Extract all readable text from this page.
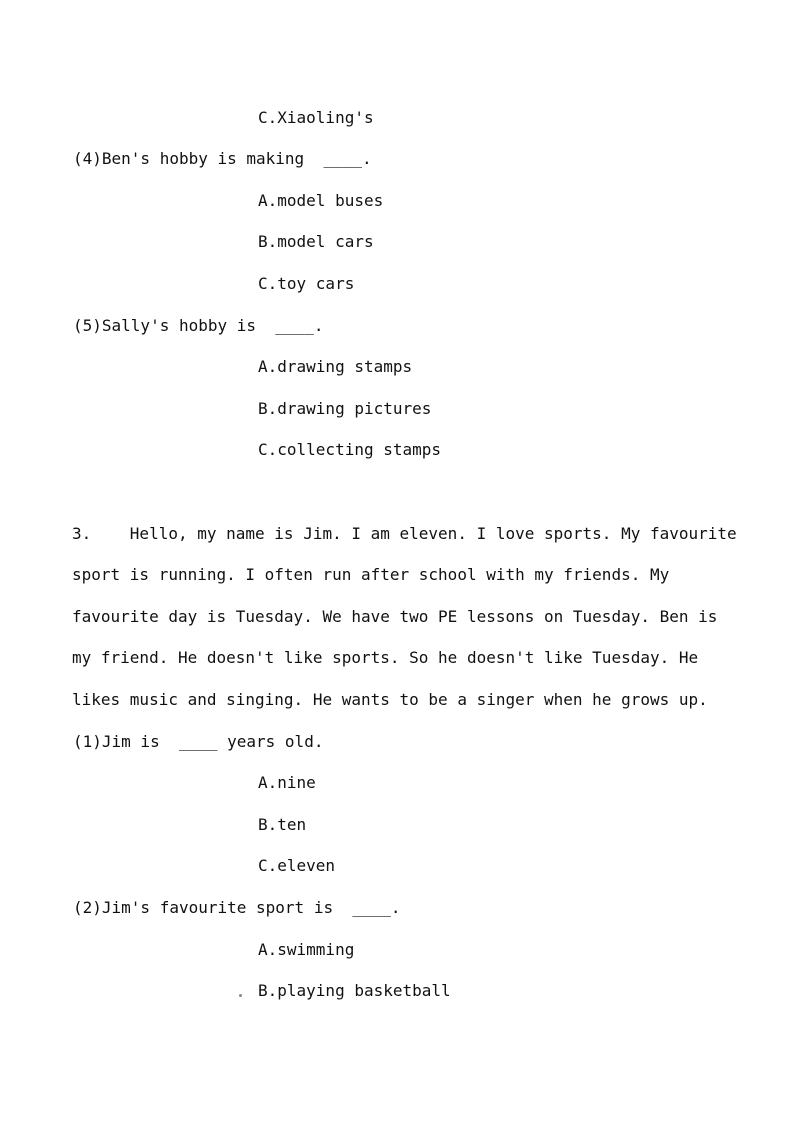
C.Xiaoling's
(4)Ben's hobby is making  ____.
A.model buses
B.model cars
C.toy cars
(5)Sally's hobby is  ____.
A.drawing stamps
B.drawing pictures
C.collecting stamps
3.    Hello, my name is Jim. I am eleven. I love sports. My favourite
sport is running. I often run after school with my friends. My
favourite day is Tuesday. We have two PE lessons on Tuesday. Ben is
my friend. He doesn't like sports. So he doesn't like Tuesday. He
likes music and singing. He wants to be a singer when he grows up.
(1)Jim is  ____ years old.
A.nine
B.ten
C.eleven
(2)Jim's favourite sport is  ____.
A.swimming
B.playing basketball
